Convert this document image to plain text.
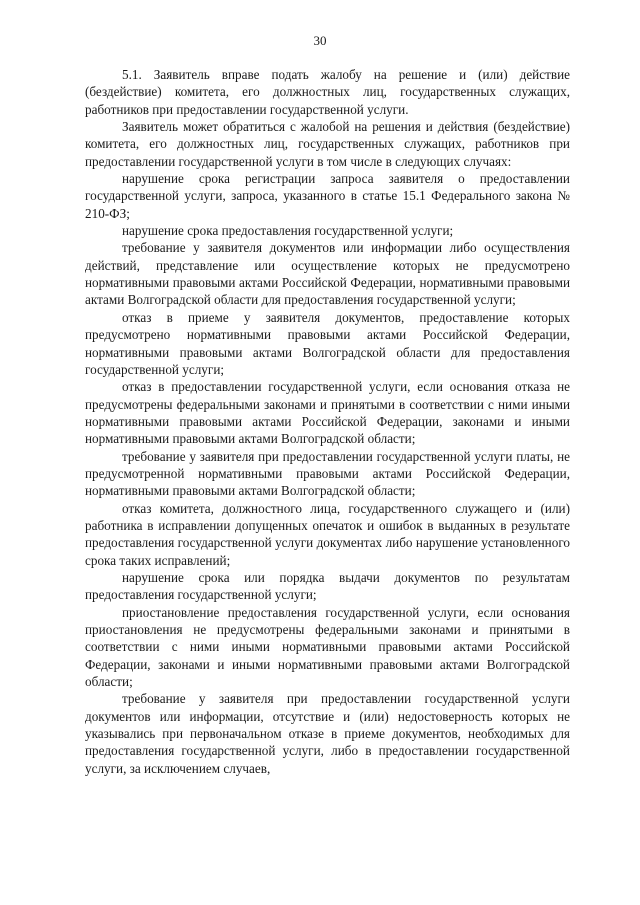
30

5.1. Заявитель вправе подать жалобу на решение и (или) действие (бездействие) комитета, его должностных лиц, государственных служащих, работников при предоставлении государственной услуги.

Заявитель может обратиться с жалобой на решения и действия (бездействие) комитета, его должностных лиц, государственных служащих, работников при предоставлении государственной услуги в том числе в следующих случаях:

нарушение срока регистрации запроса заявителя о предоставлении государственной услуги, запроса, указанного в статье 15.1 Федерального закона № 210-ФЗ;

нарушение срока предоставления государственной услуги;

требование у заявителя документов или информации либо осуществления действий, представление или осуществление которых не предусмотрено нормативными правовыми актами Российской Федерации, нормативными правовыми актами Волгоградской области для предоставления государственной услуги;

отказ в приеме у заявителя документов, предоставление которых предусмотрено нормативными правовыми актами Российской Федерации, нормативными правовыми актами Волгоградской области для предоставления государственной услуги;

отказ в предоставлении государственной услуги, если основания отказа не предусмотрены федеральными законами и принятыми в соответствии с ними иными нормативными правовыми актами Российской Федерации, законами и иными нормативными правовыми актами Волгоградской области;

требование у заявителя при предоставлении государственной услуги платы, не предусмотренной нормативными правовыми актами Российской Федерации, нормативными правовыми актами Волгоградской области;

отказ комитета, должностного лица, государственного служащего и (или) работника в исправлении допущенных опечаток и ошибок в выданных в результате предоставления государственной услуги документах либо нарушение установленного срока таких исправлений;

нарушение срока или порядка выдачи документов по результатам предоставления государственной услуги;

приостановление предоставления государственной услуги, если основания приостановления не предусмотрены федеральными законами и принятыми в соответствии с ними иными нормативными правовыми актами Российской Федерации, законами и иными нормативными правовыми актами Волгоградской области;

требование у заявителя при предоставлении государственной услуги документов или информации, отсутствие и (или) недостоверность которых не указывались при первоначальном отказе в приеме документов, необходимых для предоставления государственной услуги, либо в предоставлении государственной услуги, за исключением случаев,
